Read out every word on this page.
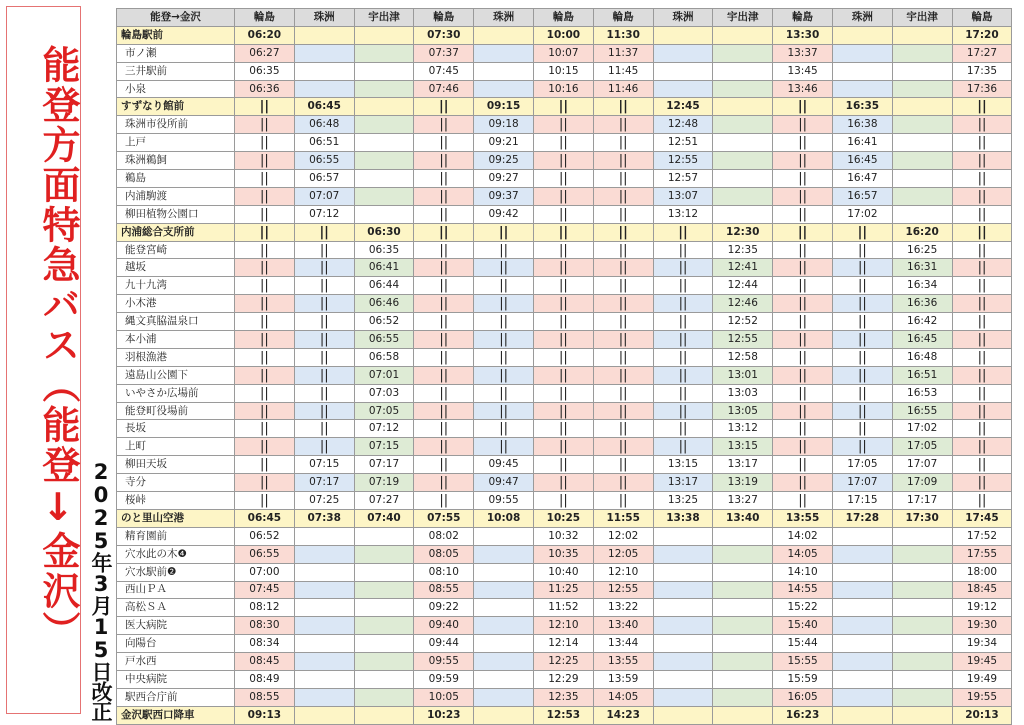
能登方面特急バス（能登↓金沢） 2025年3月15日改正
能登→金沢	輪島	珠洲	宇出津	輪島	珠洲	輪島	輪島	珠洲	宇出津	輪島	珠洲	宇出津	輪島
輪島駅前	06:20			07:30		10:00	11:30			13:30			17:20
市ノ瀬	06:27			07:37		10:07	11:37			13:37			17:27
三井駅前	06:35			07:45		10:15	11:45			13:45			17:35
小泉	06:36			07:46		10:16	11:46			13:46			17:36
すずなり館前	||	06:45		||	09:15	||	||	12:45		||	16:35		||
珠洲市役所前	||	06:48		||	09:18	||	||	12:48		||	16:38		||
上戸	||	06:51		||	09:21	||	||	12:51		||	16:41		||
珠洲鵜飼	||	06:55		||	09:25	||	||	12:55		||	16:45		||
鵜島	||	06:57		||	09:27	||	||	12:57		||	16:47		||
内浦駒渡	||	07:07		||	09:37	||	||	13:07		||	16:57		||
柳田植物公園口	||	07:12		||	09:42	||	||	13:12		||	17:02		||
内浦総合支所前	||	||	06:30	||	||	||	||	||	12:30	||	||	16:20	||
能登宮崎	||	||	06:35	||	||	||	||	||	12:35	||	||	16:25	||
越坂	||	||	06:41	||	||	||	||	||	12:41	||	||	16:31	||
九十九湾	||	||	06:44	||	||	||	||	||	12:44	||	||	16:34	||
小木港	||	||	06:46	||	||	||	||	||	12:46	||	||	16:36	||
縄文真脇温泉口	||	||	06:52	||	||	||	||	||	12:52	||	||	16:42	||
本小浦	||	||	06:55	||	||	||	||	||	12:55	||	||	16:45	||
羽根漁港	||	||	06:58	||	||	||	||	||	12:58	||	||	16:48	||
遠島山公園下	||	||	07:01	||	||	||	||	||	13:01	||	||	16:51	||
いやさか広場前	||	||	07:03	||	||	||	||	||	13:03	||	||	16:53	||
能登町役場前	||	||	07:05	||	||	||	||	||	13:05	||	||	16:55	||
長坂	||	||	07:12	||	||	||	||	||	13:12	||	||	17:02	||
上町	||	||	07:15	||	||	||	||	||	13:15	||	||	17:05	||
柳田天坂	||	07:15	07:17	||	09:45	||	||	13:15	13:17	||	17:05	17:07	||
寺分	||	07:17	07:19	||	09:47	||	||	13:17	13:19	||	17:07	17:09	||
桜峠	||	07:25	07:27	||	09:55	||	||	13:25	13:27	||	17:15	17:17	||
のと里山空港	06:45	07:38	07:40	07:55	10:08	10:25	11:55	13:38	13:40	13:55	17:28	17:30	17:45
精育園前	06:52			08:02		10:32	12:02			14:02			17:52
穴水此の木❹	06:55			08:05		10:35	12:05			14:05			17:55
穴水駅前❷	07:00			08:10		10:40	12:10			14:10			18:00
西山ＰＡ	07:45			08:55		11:25	12:55			14:55			18:45
高松ＳＡ	08:12			09:22		11:52	13:22			15:22			19:12
医大病院	08:30			09:40		12:10	13:40			15:40			19:30
向陽台	08:34			09:44		12:14	13:44			15:44			19:34
戸水西	08:45			09:55		12:25	13:55			15:55			19:45
中央病院	08:49			09:59		12:29	13:59			15:59			19:49
駅西合庁前	08:55			10:05		12:35	14:05			16:05			19:55
金沢駅西口降車	09:13			10:23		12:53	14:23			16:23			20:13
